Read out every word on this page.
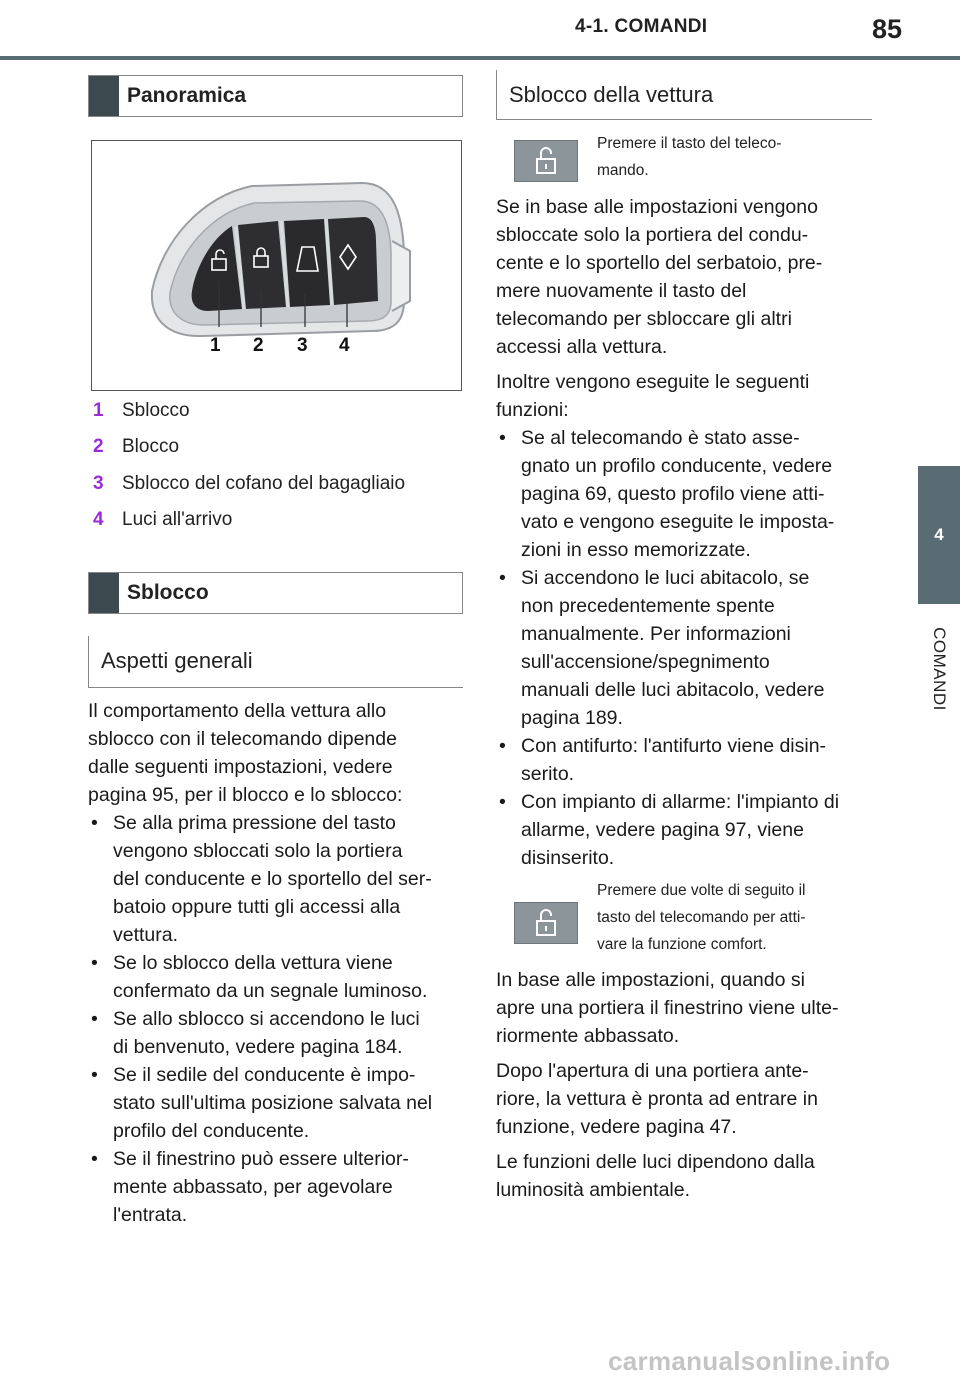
4-1. COMANDI	85
4
COMANDI
Panoramica
1 2 3 4
1 Sblocco
2 Blocco
3 Sblocco del cofano del bagagliaio
4 Luci all'arrivo
Sblocco
Aspetti generali

Il comportamento della vettura allo

sblocco con il telecomando dipende

dalle seguenti impostazioni, vedere

pagina 95, per il blocco e lo sblocco:

• Se alla prima pressione del tasto

vengono sbloccati solo la portiera

del conducente e lo sportello del ser-

batoio oppure tutti gli accessi alla

vettura.

• Se lo sblocco della vettura viene

confermato da un segnale luminoso.

• Se allo sblocco si accendono le luci

di benvenuto, vedere pagina 184.

• Se il sedile del conducente è impo-

stato sull'ultima posizione salvata nel

profilo del conducente.

• Se il finestrino può essere ulterior-

mente abbassato, per agevolare

l'entrata.

Sblocco della vettura
Premere il tasto del teleco-
mando.

Se in base alle impostazioni vengono

sbloccate solo la portiera del condu-

cente e lo sportello del serbatoio, pre-

mere nuovamente il tasto del

telecomando per sbloccare gli altri

accessi alla vettura.

Inoltre vengono eseguite le seguenti

funzioni:

• Se al telecomando è stato asse-

gnato un profilo conducente, vedere

pagina 69, questo profilo viene atti-

vato e vengono eseguite le imposta-

zioni in esso memorizzate.

• Si accendono le luci abitacolo, se

non precedentemente spente

manualmente. Per informazioni

sull'accensione/spegnimento

manuali delle luci abitacolo, vedere

pagina 189.

• Con antifurto: l'antifurto viene disin-

serito.

• Con impianto di allarme: l'impianto di

allarme, vedere pagina 97, viene

disinserito.

Premere due volte di seguito il
tasto del telecomando per atti-
vare la funzione comfort.

In base alle impostazioni, quando si

apre una portiera il finestrino viene ulte-

riormente abbassato.

Dopo l'apertura di una portiera ante-

riore, la vettura è pronta ad entrare in

funzione, vedere pagina 47.

Le funzioni delle luci dipendono dalla

luminosità ambientale.

carmanualsonline.info
